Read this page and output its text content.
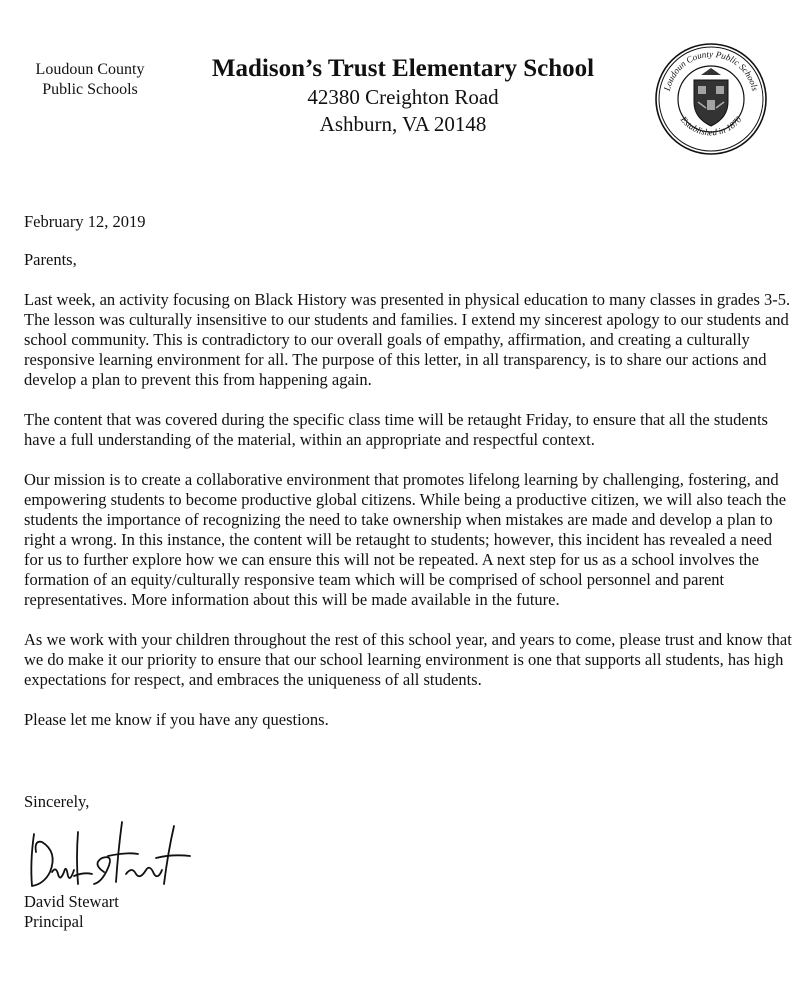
Loudoun County
Public Schools
Madison’s Trust Elementary School
42380 Creighton Road
Ashburn, VA 20148
Loudoun County Public Schools
Established in 1870
February 12, 2019

Parents,

Last week, an activity focusing on Black History was presented in physical education to many classes in grades 3-5. The lesson was culturally insensitive to our students and families. I extend my sincerest apology to our students and school community. This is contradictory to our overall goals of empathy, affirmation, and creating a culturally responsive learning environment for all. The purpose of this letter, in all transparency, is to share our actions and develop a plan to prevent this from happening again.

The content that was covered during the specific class time will be retaught Friday, to ensure that all the students have a full understanding of the material, within an appropriate and respectful context.

Our mission is to create a collaborative environment that promotes lifelong learning by challenging, fostering, and empowering students to become productive global citizens. While being a productive citizen, we will also teach the students the importance of recognizing the need to take ownership when mistakes are made and develop a plan to right a wrong. In this instance, the content will be retaught to students; however, this incident has revealed a need for us to further explore how we can ensure this will not be repeated. A next step for us as a school involves the formation of an equity/culturally responsive team which will be comprised of school personnel and parent representatives. More information about this will be made available in the future.

As we work with your children throughout the rest of this school year, and years to come, please trust and know that we do make it our priority to ensure that our school learning environment is one that supports all students, has high expectations for respect, and embraces the uniqueness of all students.

Please let me know if you have any questions.

Sincerely,
David Stewart
Principal
